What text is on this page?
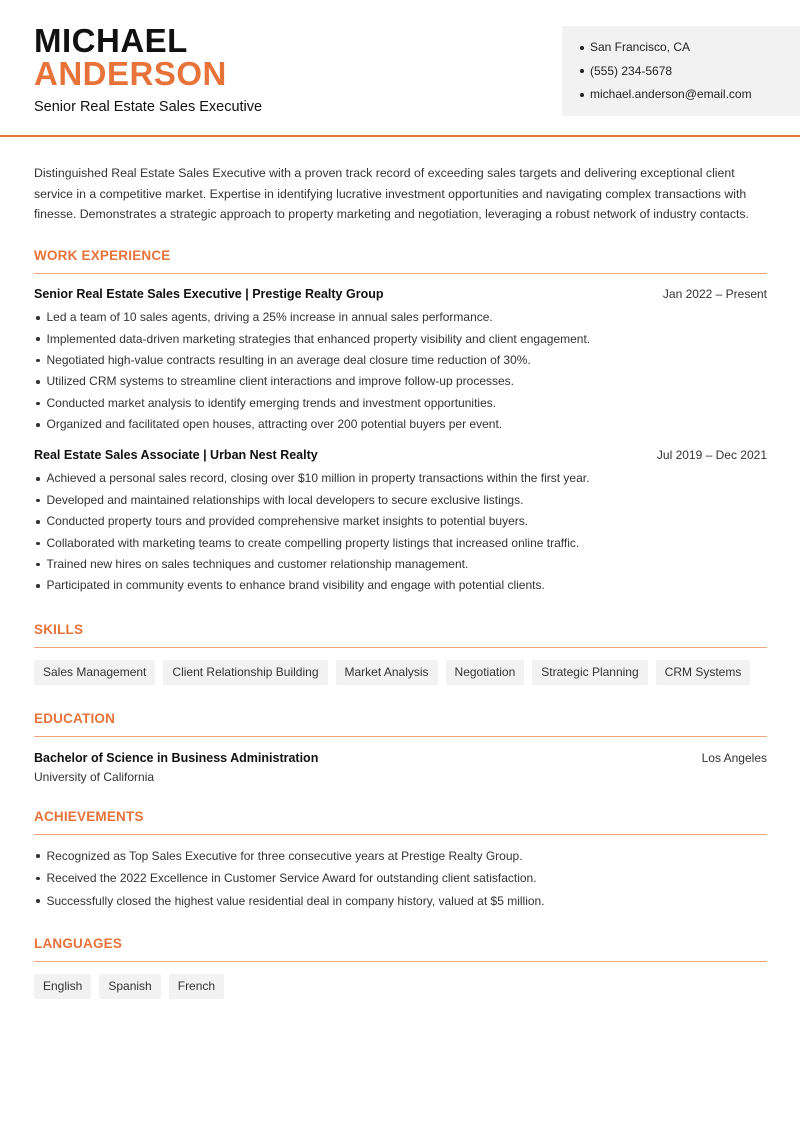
MICHAEL
ANDERSON
Senior Real Estate Sales Executive
San Francisco, CA
(555) 234-5678
michael.anderson@email.com

Distinguished Real Estate Sales Executive with a proven track record of exceeding sales targets and delivering exceptional client service in a competitive market. Expertise in identifying lucrative investment opportunities and navigating complex transactions with finesse. Demonstrates a strategic approach to property marketing and negotiation, leveraging a robust network of industry contacts.

WORK EXPERIENCE
Senior Real Estate Sales Executive | Prestige Realty Group	Jan 2022 – Present
Led a team of 10 sales agents, driving a 25% increase in annual sales performance.
Implemented data-driven marketing strategies that enhanced property visibility and client engagement.
Negotiated high-value contracts resulting in an average deal closure time reduction of 30%.
Utilized CRM systems to streamline client interactions and improve follow-up processes.
Conducted market analysis to identify emerging trends and investment opportunities.
Organized and facilitated open houses, attracting over 200 potential buyers per event.
Real Estate Sales Associate | Urban Nest Realty	Jul 2019 – Dec 2021
Achieved a personal sales record, closing over $10 million in property transactions within the first year.
Developed and maintained relationships with local developers to secure exclusive listings.
Conducted property tours and provided comprehensive market insights to potential buyers.
Collaborated with marketing teams to create compelling property listings that increased online traffic.
Trained new hires on sales techniques and customer relationship management.
Participated in community events to enhance brand visibility and engage with potential clients.
SKILLS
Sales Management	Client Relationship Building	Market Analysis	Negotiation	Strategic Planning	CRM Systems
EDUCATION
Bachelor of Science in Business Administration	Los Angeles
University of California
ACHIEVEMENTS
Recognized as Top Sales Executive for three consecutive years at Prestige Realty Group.
Received the 2022 Excellence in Customer Service Award for outstanding client satisfaction.
Successfully closed the highest value residential deal in company history, valued at $5 million.
LANGUAGES
English	Spanish	French
